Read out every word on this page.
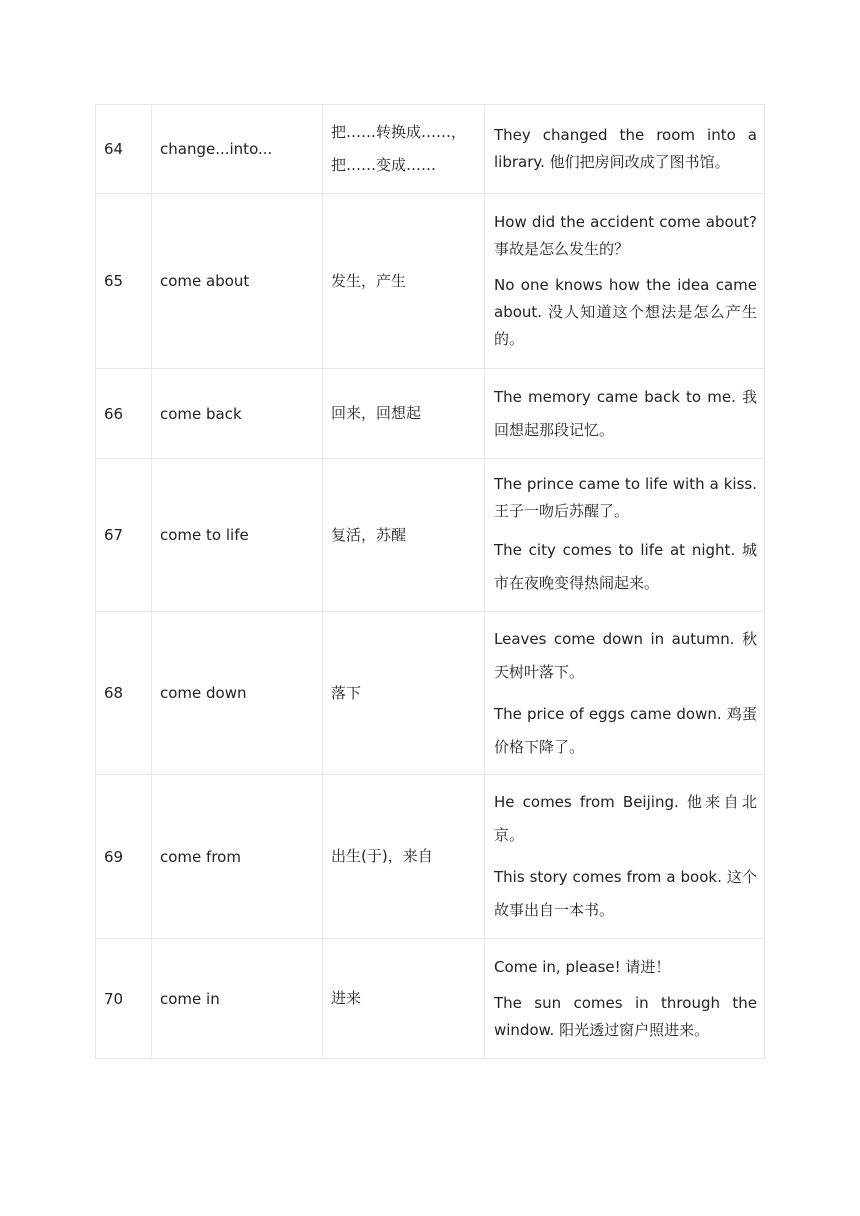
64	change...into...	把……转换成……，
把……变成……	They changed the room into a library. 他们把房间改成了图书馆。

65	come about	发生，产生	How did the accident come about? 事故是怎么发生的？

No one knows how the idea came about. 没人知道这个想法是怎么产生的。

66	come back	回来，回想起	The memory came back to me. 我回想起那段记忆。

67	come to life	复活，苏醒	The prince came to life with a kiss. 王子一吻后苏醒了。

The city comes to life at night. 城市在夜晚变得热闹起来。

68	come down	落下	Leaves come down in autumn. 秋天树叶落下。

The price of eggs came down. 鸡蛋价格下降了。

69	come from	出生(于)，来自	He comes from Beijing. 他来自北京。

This story comes from a book. 这个故事出自一本书。

70	come in	进来	Come in, please! 请进！

The sun comes in through the window. 阳光透过窗户照进来。
